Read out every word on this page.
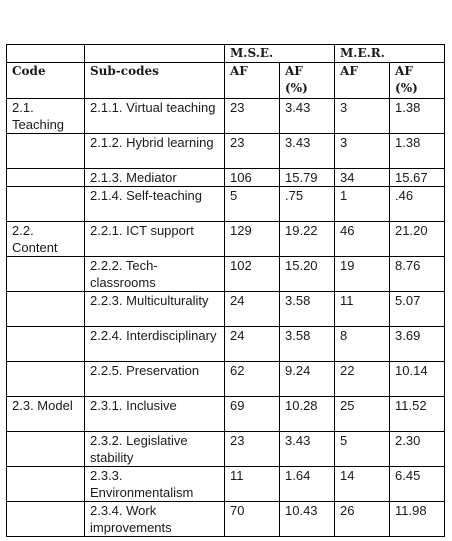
		M.S.E.		M.E.R.	
Code	Sub-codes	AF	AF (%)	AF	AF (%)
2.1. Teaching	2.1.1. Virtual teaching	23	3.43	3	1.38
	2.1.2. Hybrid learning	23	3.43	3	1.38
	2.1.3. Mediator	106	15.79	34	15.67
	2.1.4. Self-teaching	5	.75	1	.46
2.2. Content	2.2.1. ICT support	129	19.22	46	21.20
	2.2.2. Tech-classrooms	102	15.20	19	8.76
	2.2.3. Multiculturality	24	3.58	11	5.07
	2.2.4. Interdisciplinary	24	3.58	8	3.69
	2.2.5. Preservation	62	9.24	22	10.14
2.3. Model	2.3.1. Inclusive	69	10.28	25	11.52
	2.3.2. Legislative stability	23	3.43	5	2.30
	2.3.3. Environmentalism	11	1.64	14	6.45
	2.3.4. Work improvements	70	10.43	26	11.98
